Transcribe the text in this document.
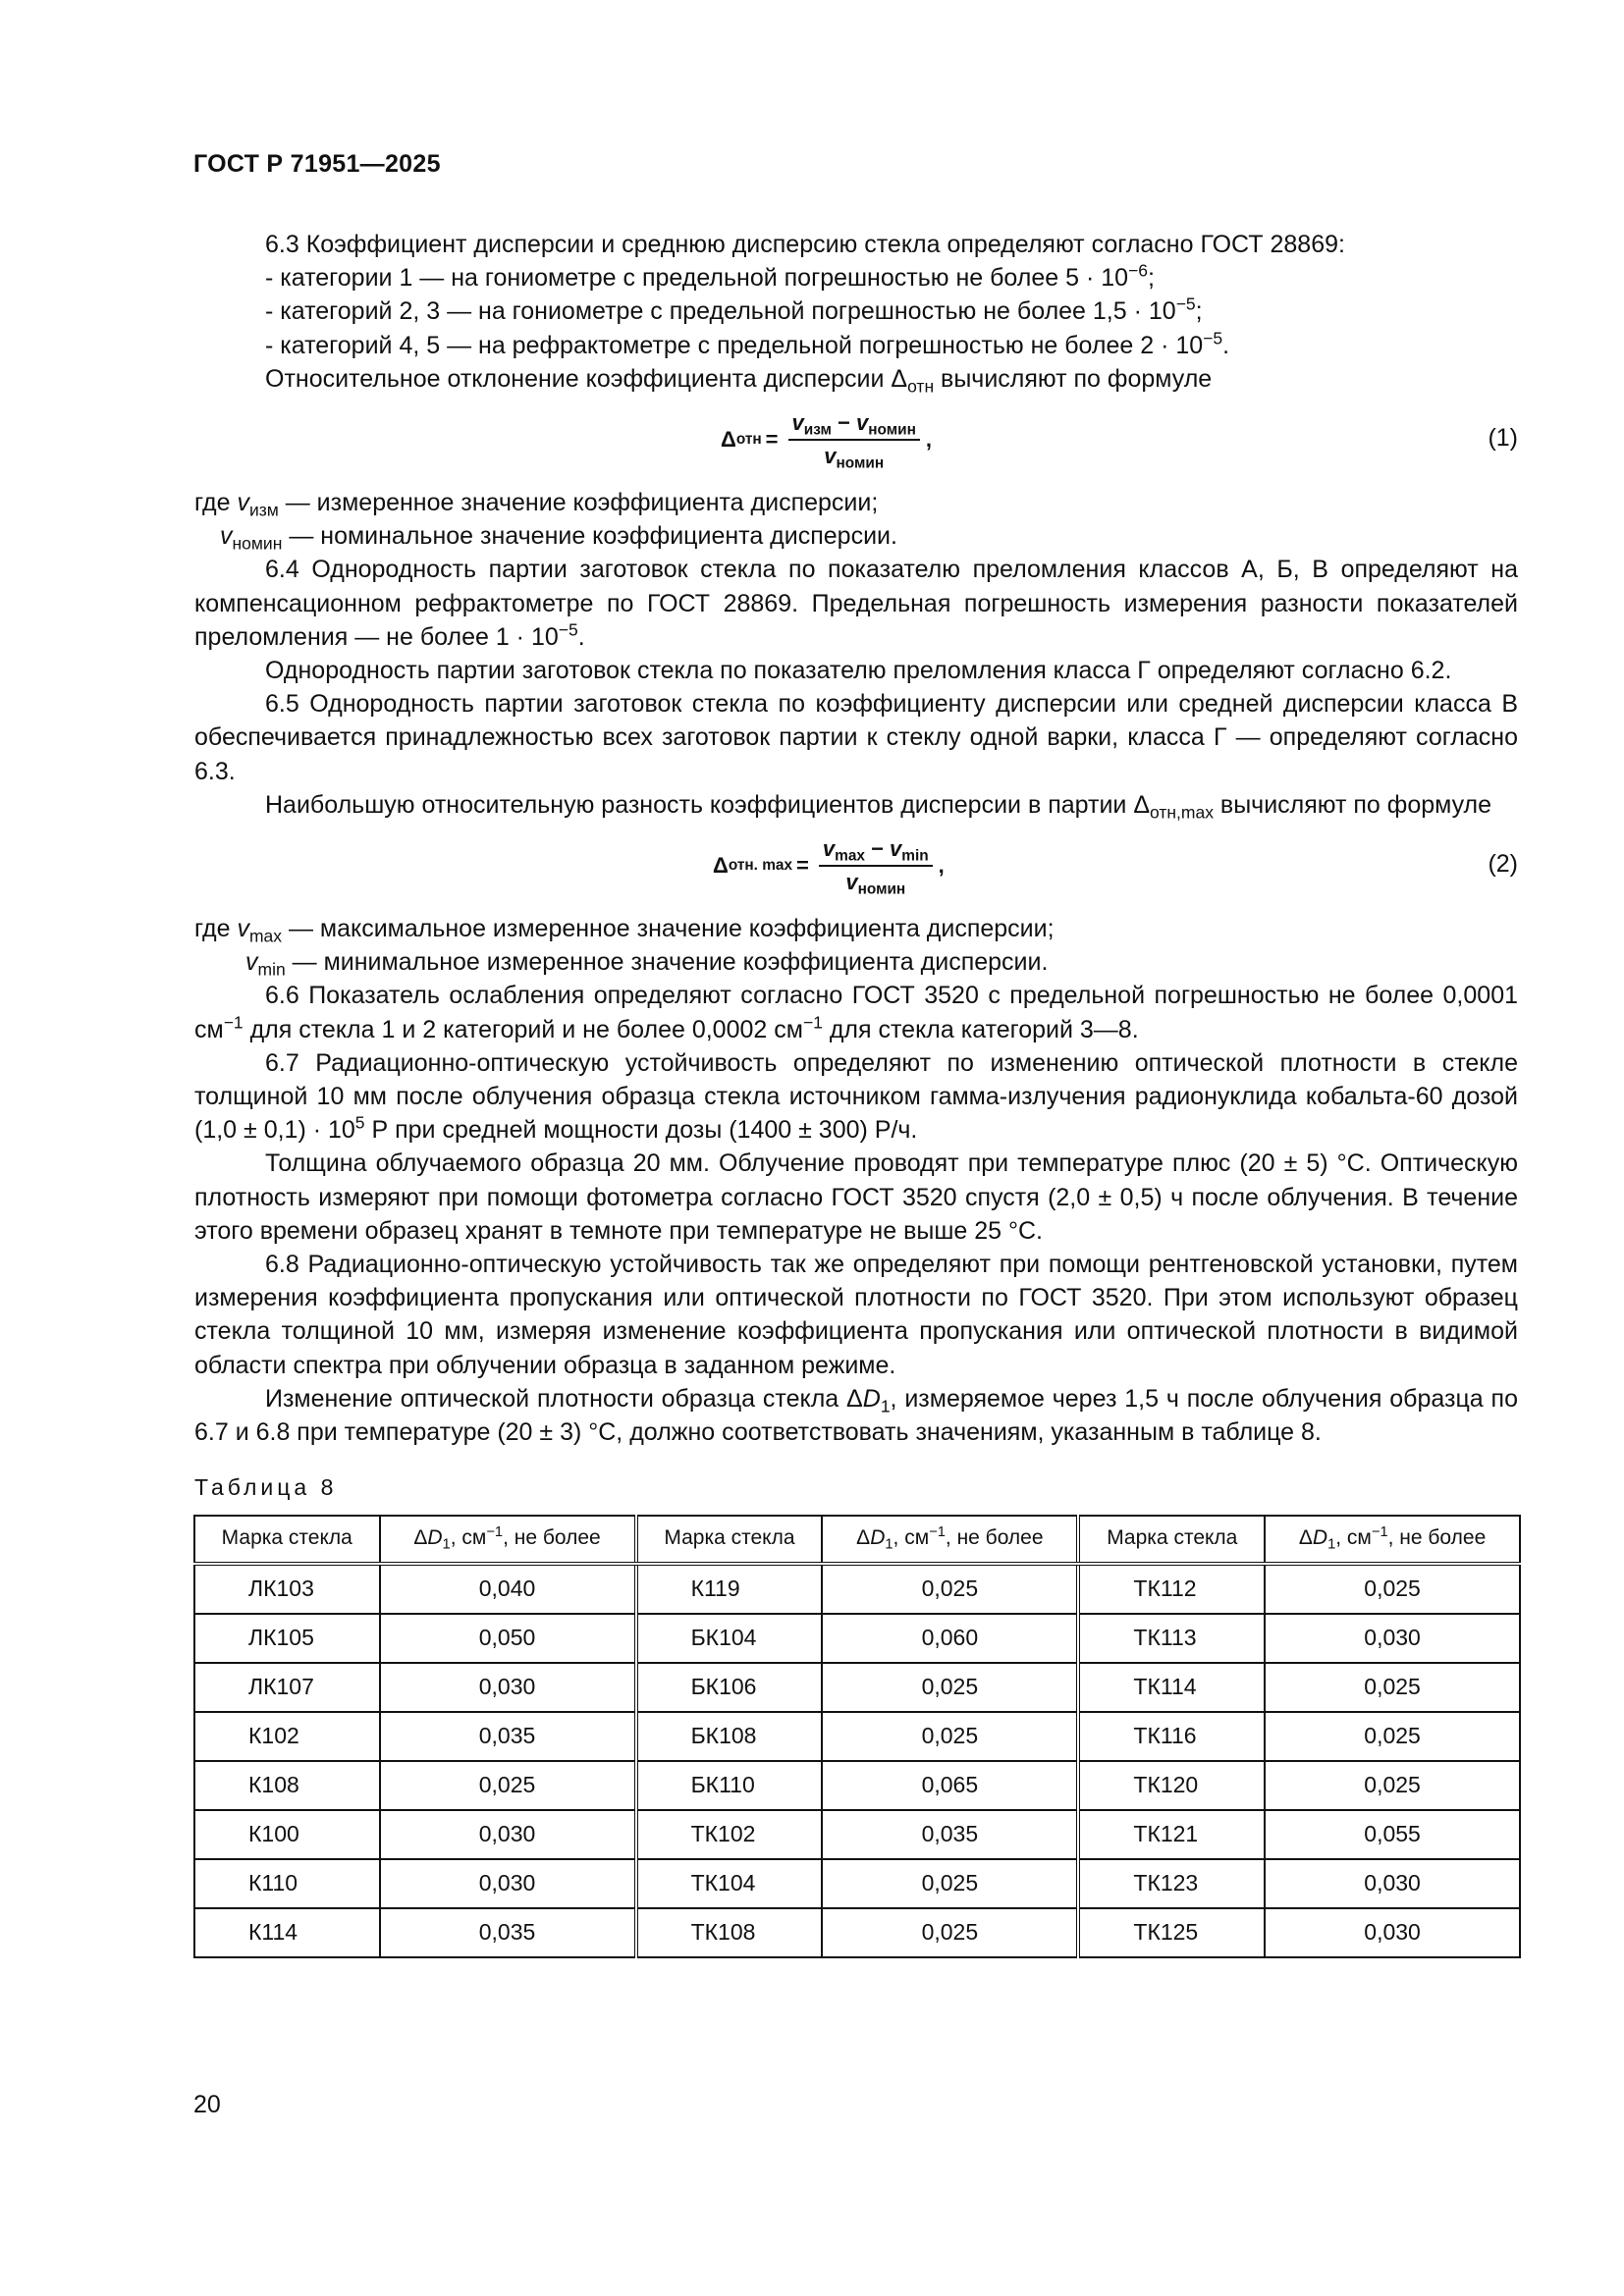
ГОСТ Р 71951—2025

6.3 Коэффициент дисперсии и среднюю дисперсию стекла определяют согласно ГОСТ 28869:

- категории 1 — на гониометре с предельной погрешностью не более $5 \cdot 10^{-6}$;

- категорий 2, 3 — на гониометре с предельной погрешностью не более $1,5 \cdot 10^{-5}$;

- категорий 4, 5 — на рефрактометре с предельной погрешностью не более $2 \cdot 10^{-5}$.

Относительное отклонение коэффициента дисперсии $\Delta_{отн}$ вычисляют по формуле

Δ отн = $\frac{v_{изм} - v_{номин}}{v_{номин}}$ ,	(1)

где $v_{изм}$ — измеренное значение коэффициента дисперсии;

$v_{номин}$ — номинальное значение коэффициента дисперсии.

6.4 Однородность партии заготовок стекла по показателю преломления классов А, Б, В определяют на компенсационном рефрактометре по ГОСТ 28869. Предельная погрешность измерения разности показателей преломления — не более $1 \cdot 10^{-5}$.

Однородность партии заготовок стекла по показателю преломления класса Г определяют согласно 6.2.

6.5 Однородность партии заготовок стекла по коэффициенту дисперсии или средней дисперсии класса В обеспечивается принадлежностью всех заготовок партии к стеклу одной варки, класса Г — определяют согласно 6.3.

Наибольшую относительную разность коэффициентов дисперсии в партии $\Delta_{отн,max}$ вычисляют по формуле

Δ отн. $\max = \frac{v_{max} - v_{min}}{v_{номин}}$ ,	(2)

где $v_{max}$ — максимальное измеренное значение коэффициента дисперсии;

$v_{min}$ — минимальное измеренное значение коэффициента дисперсии.

6.6 Показатель ослабления определяют согласно ГОСТ 3520 с предельной погрешностью не более 0,0001 $см^{-1}$ для стекла 1 и 2 категорий и не более 0,0002 $см^{-1}$ для стекла категорий 3—8.

6.7 Радиационно-оптическую устойчивость определяют по изменению оптической плотности в стекле толщиной 10 мм после облучения образца стекла источником гамма-излучения радионуклида кобальта-60 дозой $(1,0 \pm 0,1) \cdot 10^5$ Р при средней мощности дозы (1400 ± 300) Р/ч.

Толщина облучаемого образца 20 мм. Облучение проводят при температуре плюс (20 ± 5) °С. Оптическую плотность измеряют при помощи фотометра согласно ГОСТ 3520 спустя (2,0 ± 0,5) ч после облучения. В течение этого времени образец хранят в темноте при температуре не выше 25 °С.

6.8 Радиационно-оптическую устойчивость так же определяют при помощи рентгеновской установки, путем измерения коэффициента пропускания или оптической плотности по ГОСТ 3520. При этом используют образец стекла толщиной 10 мм, измеряя изменение коэффициента пропускания или оптической плотности в видимой области спектра при облучении образца в заданном режиме.

Изменение оптической плотности образца стекла $\Delta D_1$, измеряемое через 1,5 ч после облучения образца по 6.7 и 6.8 при температуре (20 ± 3) °С, должно соответствовать значениям, указанным в таблице 8.

Таблица 8
Марка стекла	$\Delta D_1$, $см^{-1}$, не более	Марка стекла	$\Delta D_1$, $см^{-1}$, не более	Марка стекла	$\Delta D_1$, $см^{-1}$, не более
ЛК103	0,040	К119	0,025	ТК112	0,025
ЛК105	0,050	БК104	0,060	ТК113	0,030
ЛК107	0,030	БК106	0,025	ТК114	0,025
К102	0,035	БК108	0,025	ТК116	0,025
К108	0,025	БК110	0,065	ТК120	0,025
К100	0,030	ТК102	0,035	ТК121	0,055
К110	0,030	ТК104	0,025	ТК123	0,030
К114	0,035	ТК108	0,025	ТК125	0,030
20
